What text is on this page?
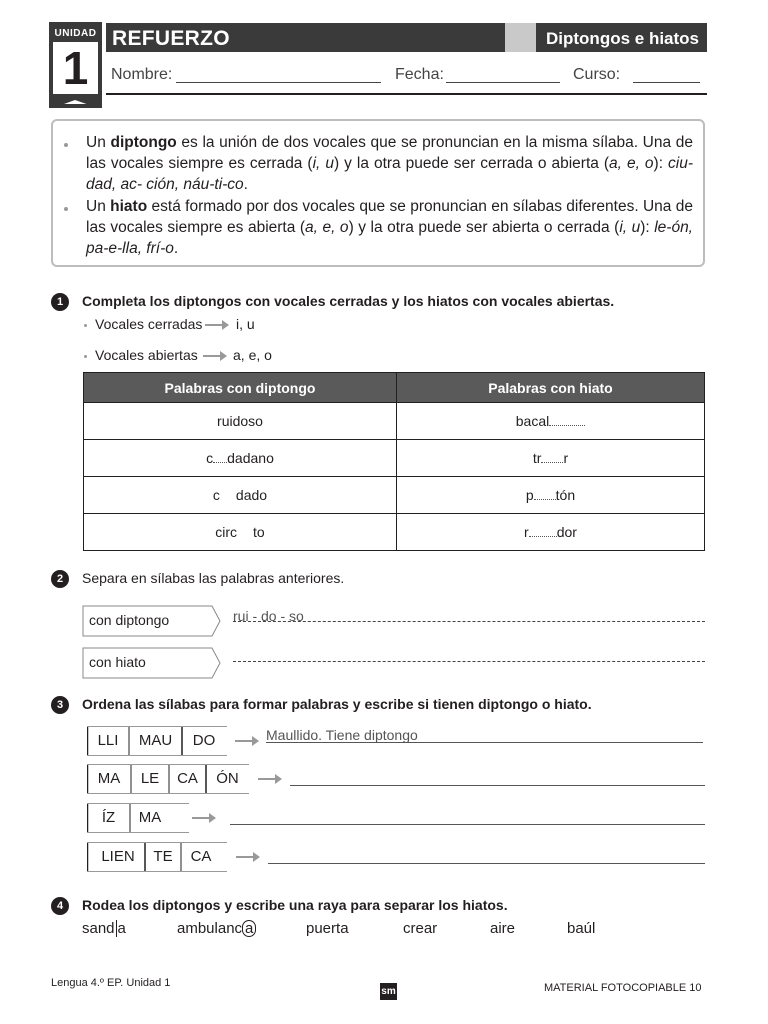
UNIDAD
1
REFUERZO	Diptongos e hiatos
Nombre:	Fecha:	Curso:
Un diptongo es la unión de dos vocales que se pronuncian en la misma sílaba. Una de las vocales siempre es cerrada (i, u) y la otra puede ser cerrada o abierta (a, e, o): ciu-dad, ac- ción, náu-ti-co.
Un hiato está formado por dos vocales que se pronuncian en sílabas diferentes. Una de las vocales siempre es abierta (a, e, o) y la otra puede ser abierta o cerrada (i, u): le-ón, pa-e-lla, frí-o.
1	Completa los diptongos con vocales cerradas y los hiatos con vocales abiertas.
Vocales cerradas i, u
Vocales abiertas	a, e, o
Palabras con diptongo	Palabras con hiato
ruidoso	bacal
c dadano	tr r
c dado	p tón
circ to	r dor
2	Separa en sílabas las palabras anteriores.
con diptongo	rui - do - so
con hiato
3	Ordena las sílabas para formar palabras y escribe si tienen diptongo o hiato.
LLI	MAU	DO	Maullido. Tiene diptongo
MA	LE	CA	ÓN
ÍZ	MA
LIEN	TE	CA
4	Rodea los diptongos y escribe una raya para separar los hiatos.
sand a	ambulanc a	puerta	crear	aire	baúl
Lengua 4.º EP. Unidad 1
sm	MATERIAL FOTOCOPIABLE 10
